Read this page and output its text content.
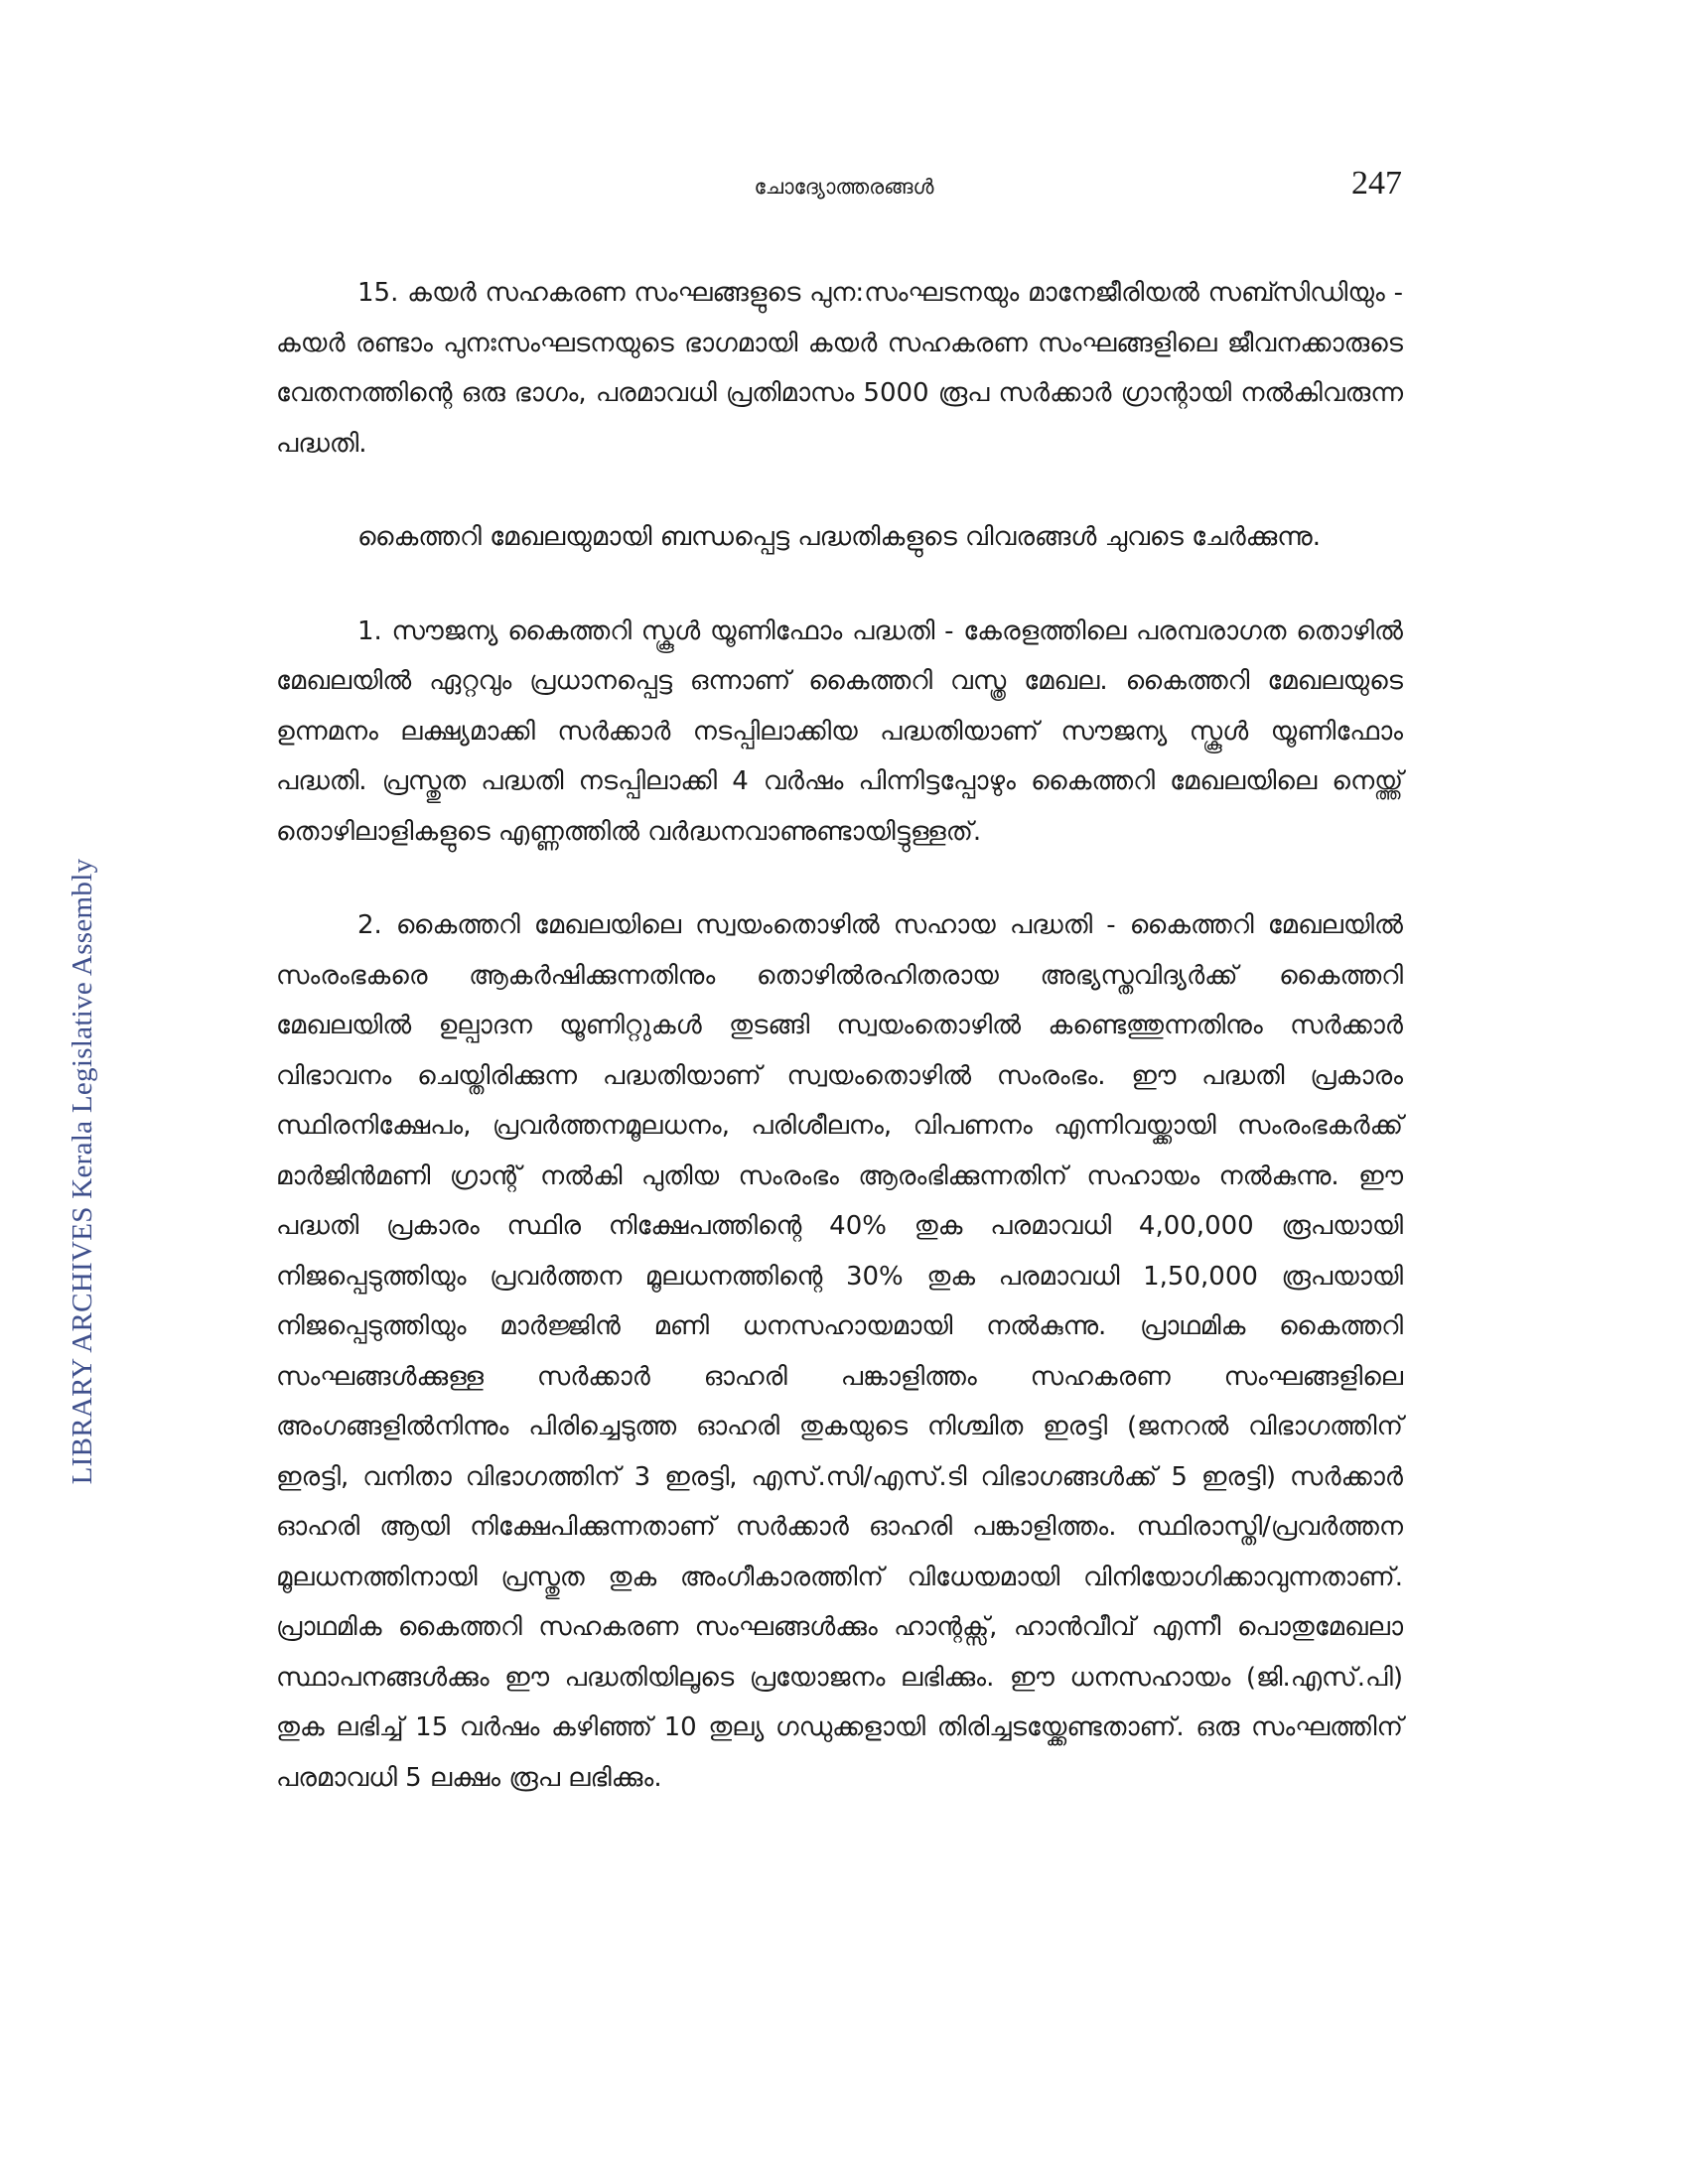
ചോദ്യോത്തരങ്ങൾ	247
LIBRARY ARCHIVES Kerala Legislative Assembly

15. കയർ സഹകരണ സംഘങ്ങളുടെ പുന:സംഘടനയും മാനേജീരിയൽ സബ്സിഡിയും - കയർ രണ്ടാം പുനഃസംഘടനയുടെ ഭാഗമായി കയർ സഹകരണ സംഘങ്ങളിലെ ജീവനക്കാരുടെ വേതനത്തിന്റെ ഒരു ഭാഗം, പരമാവധി പ്രതിമാസം 5000 രൂപ സർക്കാർ ഗ്രാന്റായി നൽകിവരുന്ന പദ്ധതി.

കൈത്തറി മേഖലയുമായി ബന്ധപ്പെട്ട പദ്ധതികളുടെ വിവരങ്ങൾ ചുവടെ ചേർക്കുന്നു.

1. സൗജന്യ കൈത്തറി സ്കൂൾ യൂണിഫോം പദ്ധതി - കേരളത്തിലെ പരമ്പരാഗത തൊഴിൽ മേഖലയിൽ ഏറ്റവും പ്രധാനപ്പെട്ട ഒന്നാണ് കൈത്തറി വസ്ത്ര മേഖല. കൈത്തറി മേഖലയുടെ ഉന്നമനം ലക്ഷ്യമാക്കി സർക്കാർ നടപ്പിലാക്കിയ പദ്ധതിയാണ് സൗജന്യ സ്കൂൾ യൂണിഫോം പദ്ധതി. പ്രസ്തുത പദ്ധതി നടപ്പിലാക്കി 4 വർഷം പിന്നിട്ടപ്പോഴും കൈത്തറി മേഖലയിലെ നെയ്ത്ത് തൊഴിലാളികളുടെ എണ്ണത്തിൽ വർദ്ധനവാണുണ്ടായിട്ടുള്ളത്.

2. കൈത്തറി മേഖലയിലെ സ്വയംതൊഴിൽ സഹായ പദ്ധതി - കൈത്തറി മേഖലയിൽ സംരംഭകരെ ആകർഷിക്കുന്നതിനും തൊഴിൽരഹിതരായ അഭ്യസ്തവിദ്യർക്ക് കൈത്തറി മേഖലയിൽ ഉല്പാദന യൂണിറ്റുകൾ തുടങ്ങി സ്വയംതൊഴിൽ കണ്ടെത്തുന്നതിനും സർക്കാർ വിഭാവനം ചെയ്തിരിക്കുന്ന പദ്ധതിയാണ് സ്വയംതൊഴിൽ സംരംഭം. ഈ പദ്ധതി പ്രകാരം സ്ഥിരനിക്ഷേപം, പ്രവർത്തനമൂലധനം, പരിശീലനം, വിപണനം എന്നിവയ്ക്കായി സംരംഭകർക്ക് മാർജിൻമണി ഗ്രാന്റ് നൽകി പുതിയ സംരംഭം ആരംഭിക്കുന്നതിന് സഹായം നൽകുന്നു. ഈ പദ്ധതി പ്രകാരം സ്ഥിര നിക്ഷേപത്തിന്റെ 40% തുക പരമാവധി 4,00,000 രൂപയായി നിജപ്പെടുത്തിയും പ്രവർത്തന മൂലധനത്തിന്റെ 30% തുക പരമാവധി 1,50,000 രൂപയായി നിജപ്പെടുത്തിയും മാർജ്ജിൻ മണി ധനസഹായമായി നൽകുന്നു. പ്രാഥമിക കൈത്തറി സംഘങ്ങൾക്കുള്ള സർക്കാർ ഓഹരി പങ്കാളിത്തം സഹകരണ സംഘങ്ങളിലെ അംഗങ്ങളിൽനിന്നും പിരിച്ചെടുത്ത ഓഹരി തുകയുടെ നിശ്ചിത ഇരട്ടി (ജനറൽ വിഭാഗത്തിന് ഇരട്ടി, വനിതാ വിഭാഗത്തിന് 3 ഇരട്ടി, എസ്.സി/എസ്.ടി വിഭാഗങ്ങൾക്ക് 5 ഇരട്ടി) സർക്കാർ ഓഹരി ആയി നിക്ഷേപിക്കുന്നതാണ് സർക്കാർ ഓഹരി പങ്കാളിത്തം. സ്ഥിരാസ്തി/പ്രവർത്തന മൂലധനത്തിനായി പ്രസ്തുത തുക അംഗീകാരത്തിന് വിധേയമായി വിനിയോഗിക്കാവുന്നതാണ്. പ്രാഥമിക കൈത്തറി സഹകരണ സംഘങ്ങൾക്കും ഹാന്റക്സ്, ഹാൻവീവ് എന്നീ പൊതുമേഖലാ സ്ഥാപനങ്ങൾക്കും ഈ പദ്ധതിയിലൂടെ പ്രയോജനം ലഭിക്കും. ഈ ധനസഹായം (ജി.എസ്.പി) തുക ലഭിച്ച് 15 വർഷം കഴിഞ്ഞ് 10 തുല്യ ഗഡുക്കളായി തിരിച്ചടയ്ക്കേണ്ടതാണ്. ഒരു സംഘത്തിന് പരമാവധി 5 ലക്ഷം രൂപ ലഭിക്കും.
